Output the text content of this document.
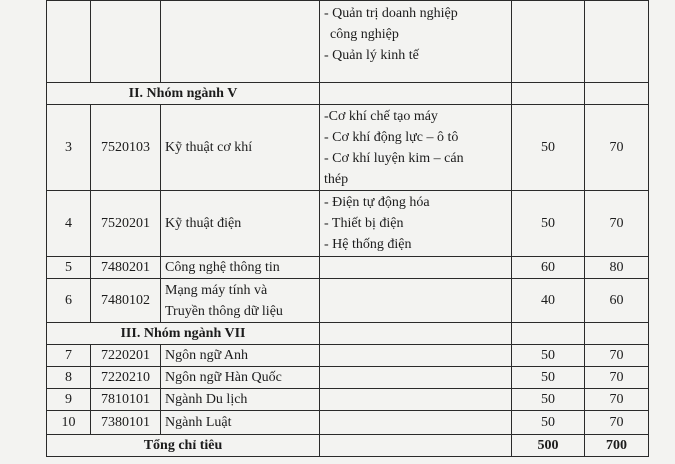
			- Quản trị doanh nghiệp
công nghiệp
- Quản lý kinh tế		

II. Nhóm ngành V					
3	7520103	Kỹ thuật cơ khí	-Cơ khí chế tạo máy
- Cơ khí động lực – ô tô
- Cơ khí luyện kim – cán
thép	50	70
4	7520201	Kỹ thuật điện	- Điện tự động hóa
- Thiết bị điện
- Hệ thống điện	50	70
5	7480201	Công nghệ thông tin		60	80
6	7480102	Mạng máy tính và
Truyền thông dữ liệu		40	60
III. Nhóm ngành VII					
7	7220201	Ngôn ngữ Anh		50	70
8	7220210	Ngôn ngữ Hàn Quốc		50	70
9	7810101	Ngành Du lịch		50	70
10	7380101	Ngành Luật		50	70
Tổng chỉ tiêu				500	700
